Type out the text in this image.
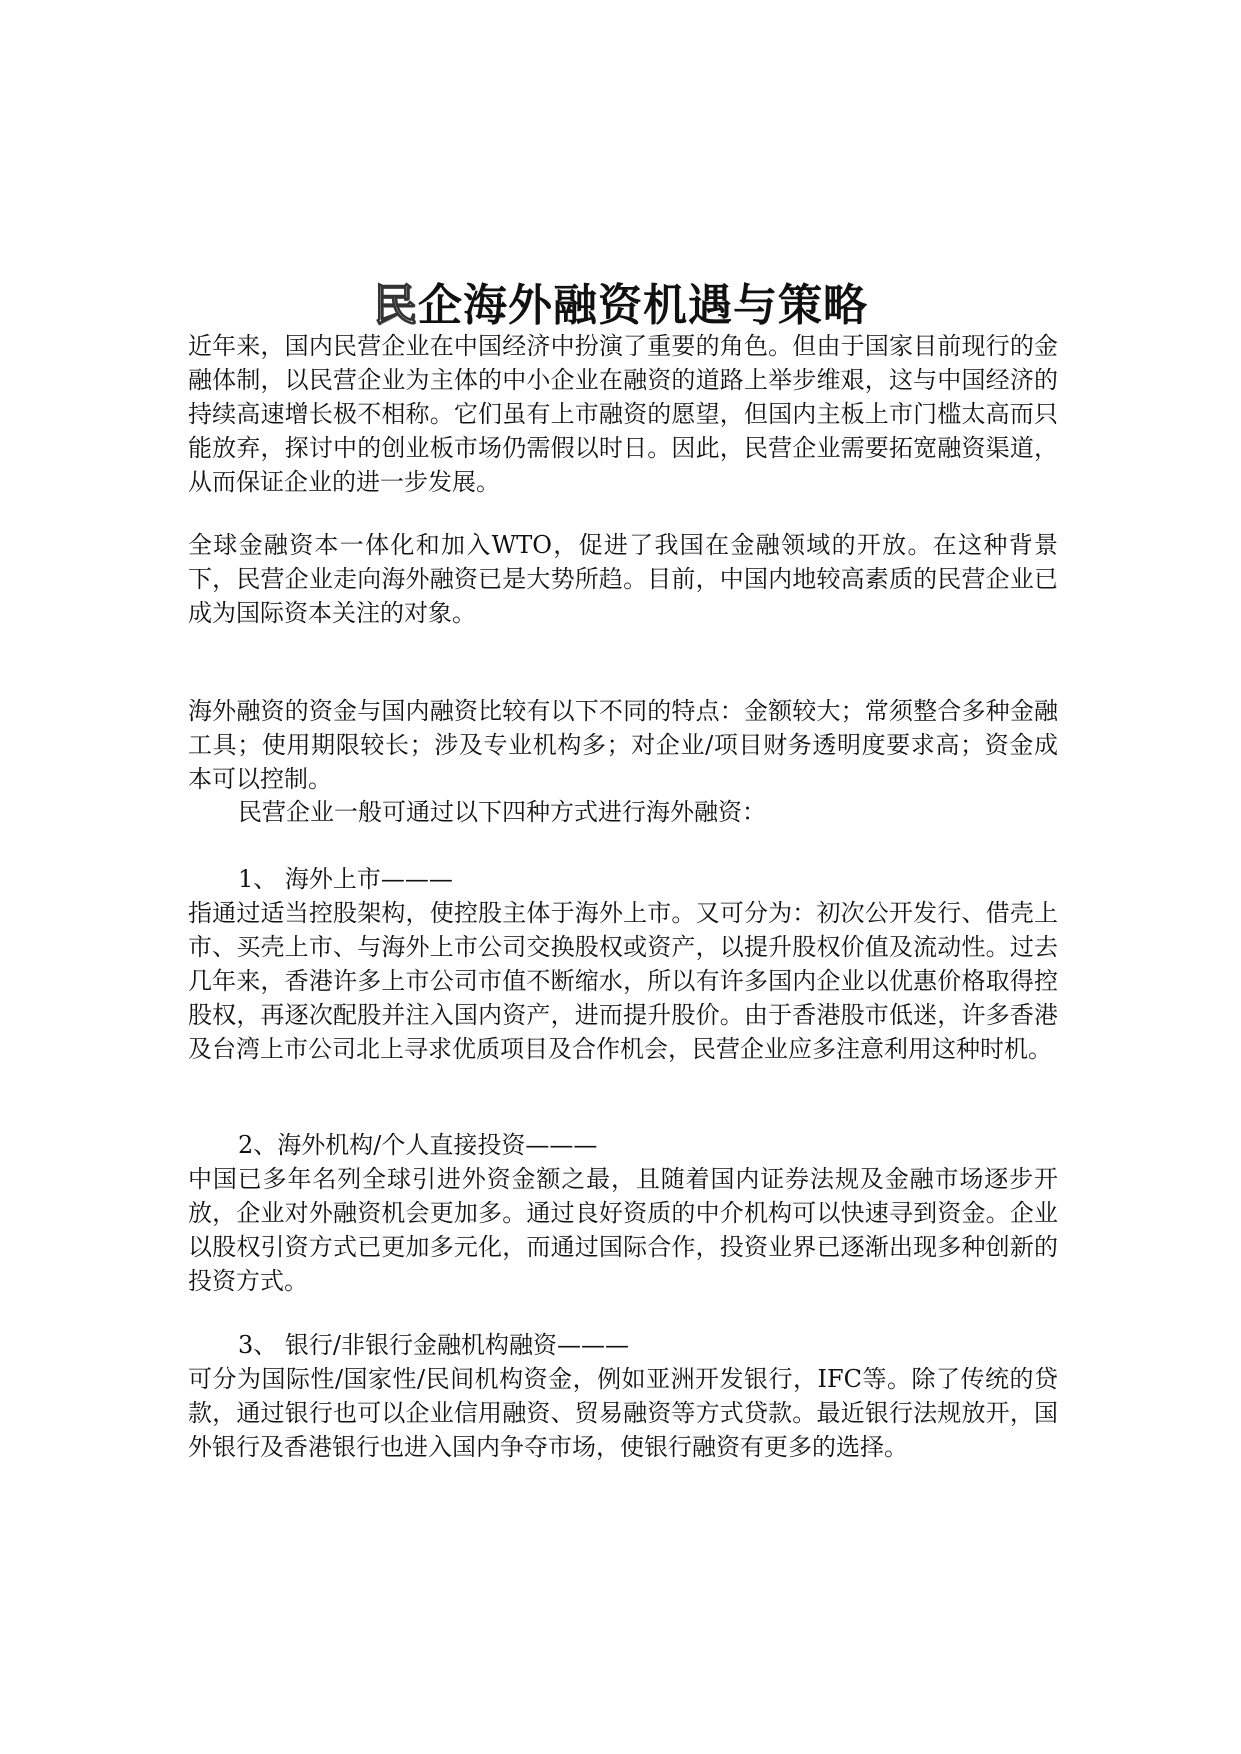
民企海外融资机遇与策略

近年来，国内民营企业在中国经济中扮演了重要的角色。但由于国家目前现行的金融体制，以民营企业为主体的中小企业在融资的道路上举步维艰，这与中国经济的持续高速增长极不相称。它们虽有上市融资的愿望，但国内主板上市门槛太高而只能放弃，探讨中的创业板市场仍需假以时日。因此，民营企业需要拓宽融资渠道，从而保证企业的进一步发展。

全球金融资本一体化和加入WTO，促进了我国在金融领域的开放。在这种背景下，民营企业走向海外融资已是大势所趋。目前，中国内地较高素质的民营企业已成为国际资本关注的对象。

海外融资的资金与国内融资比较有以下不同的特点：金额较大；常须整合多种金融工具；使用期限较长；涉及专业机构多；对企业/项目财务透明度要求高；资金成本可以控制。

民营企业一般可通过以下四种方式进行海外融资：

1、 海外上市———

指通过适当控股架构，使控股主体于海外上市。又可分为：初次公开发行、借壳上市、买壳上市、与海外上市公司交换股权或资产，以提升股权价值及流动性。过去几年来，香港许多上市公司市值不断缩水，所以有许多国内企业以优惠价格取得控股权，再逐次配股并注入国内资产，进而提升股价。由于香港股市低迷，许多香港及台湾上市公司北上寻求优质项目及合作机会，民营企业应多注意利用这种时机。

2、海外机构/个人直接投资———

中国已多年名列全球引进外资金额之最，且随着国内证券法规及金融市场逐步开放，企业对外融资机会更加多。通过良好资质的中介机构可以快速寻到资金。企业以股权引资方式已更加多元化，而通过国际合作，投资业界已逐渐出现多种创新的投资方式。

3、 银行/非银行金融机构融资———

可分为国际性/国家性/民间机构资金，例如亚洲开发银行，IFC等。除了传统的贷款，通过银行也可以企业信用融资、贸易融资等方式贷款。最近银行法规放开，国外银行及香港银行也进入国内争夺市场，使银行融资有更多的选择。
